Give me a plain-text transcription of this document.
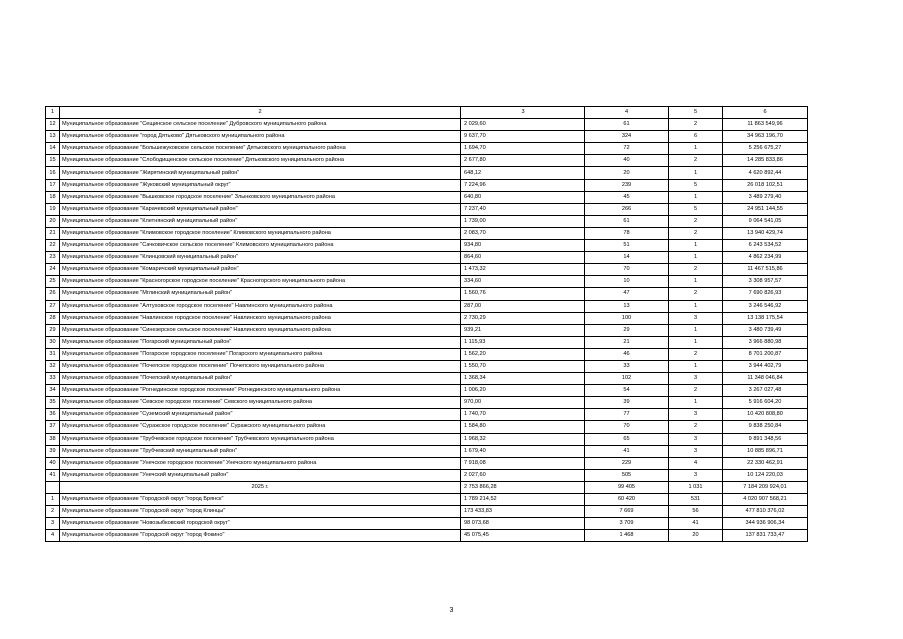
1	2	3	4	5	6
12	Муниципальное образование "Сещинское сельское поселение" Дубровского муниципального района	2 029,60	61	2	11 863 549,96
13	Муниципальное образование "город Дятьково" Дятьковского муниципального района	9 637,70	324	6	34 963 196,70
14	Муниципальное образование "Большежуковское сельское поселение" Дятьковского муниципального района	1 694,70	72	1	5 256 675,27
15	Муниципальное образование "Слободищенское сельское поселение" Дятьковского муниципального района	2 677,80	40	2	14 285 833,86
16	Муниципальное образование "Жирятинский муниципальный район"	648,12	20	1	4 620 892,44
17	Муниципальное образование "Жуковский муниципальный округ"	7 224,96	239	5	26 018 102,51
18	Муниципальное образование "Вышковское городское поселение" Злынковского муниципального района	640,80	45	1	3 489 279,40
19	Муниципальное образование "Карачевский муниципальный район"	7 237,40	266	5	24 951 144,55
20	Муниципальное образование "Клетнянский муниципальный район"	1 739,00	61	2	9 064 541,05
21	Муниципальное образование "Климовское городское поселение" Климовского муниципального района	2 083,70	78	2	13 940 429,74
22	Муниципальное образование "Сачковичское сельское поселение" Климовского муниципального района	934,80	51	1	6 243 534,52
23	Муниципальное образование "Клинцовский муниципальный район"	864,60	14	1	4 862 234,99
24	Муниципальное образование "Комаричский муниципальный район"	1 473,32	70	2	11 467 515,86
25	Муниципальное образование "Красногорское городское поселение" Красногорского муниципального района	334,60	10	1	3 308 957,57
26	Муниципальное образование "Мглинский муниципальный район"	1 560,76	47	2	7 690 826,93
27	Муниципальное образование "Алтуховское городское поселение" Навлинского муниципального района	287,00	13	1	3 246 546,92
28	Муниципальное образование "Навлинское городское поселение" Навлинского муниципального района	2 730,29	100	3	13 138 175,54
29	Муниципальное образование "Синезерское сельское поселение" Навлинского муниципального района	939,21	29	1	3 480 739,49
30	Муниципальное образование "Погарский муниципальный район"	1 115,93	21	1	3 966 880,98
31	Муниципальное образование "Погарское городское поселение" Погарского муниципального района	1 562,20	46	2	8 701 200,87
32	Муниципальное образование "Почепское городское поселение" Почепского муниципального района	1 550,70	33	1	3 944 402,79
33	Муниципальное образование "Почепский муниципальный район"	1 368,34	102	3	11 348 046,84
34	Муниципальное образование "Рогнединское городское поселение" Рогнединского муниципального района	1 006,20	54	2	3 267 027,48
35	Муниципальное образование "Севское городское поселение" Севского муниципального района	970,00	39	1	5 916 604,20
36	Муниципальное образование "Суземский муниципальный район"	1 740,70	77	3	10 420 808,80
37	Муниципальное образование "Суражское городское поселение" Суражского муниципального района	1 584,80	70	2	9 838 250,84
38	Муниципальное образование "Трубчевское городское поселение" Трубчевского муниципального района	1 968,32	65	3	9 891 348,56
39	Муниципальное образование "Трубчевский муниципальный район"	1 679,40	41	3	10 885 896,71
40	Муниципальное образование "Унечское городское поселение" Унечского муниципального района	7 918,08	229	4	22 330 462,91
41	Муниципальное образование "Унечский муниципальный район"	2 027,60	505	3	10 124 220,03
	2025 г.	2 753 866,28	99 405	1 031	7 184 209 924,01
1	Муниципальное образование "Городской округ "город Брянск"	1 789 214,52	60 420	531	4 020 907 568,21
2	Муниципальное образование "Городской округ "город Клинцы"	173 433,83	7 669	56	477 810 376,02
3	Муниципальное образование "Новозыбковский городской округ"	98 073,68	3 709	41	344 936 906,34
4	Муниципальное образование "Городской округ "город Фокино"	45 075,45	1 468	20	137 831 733,47
3
